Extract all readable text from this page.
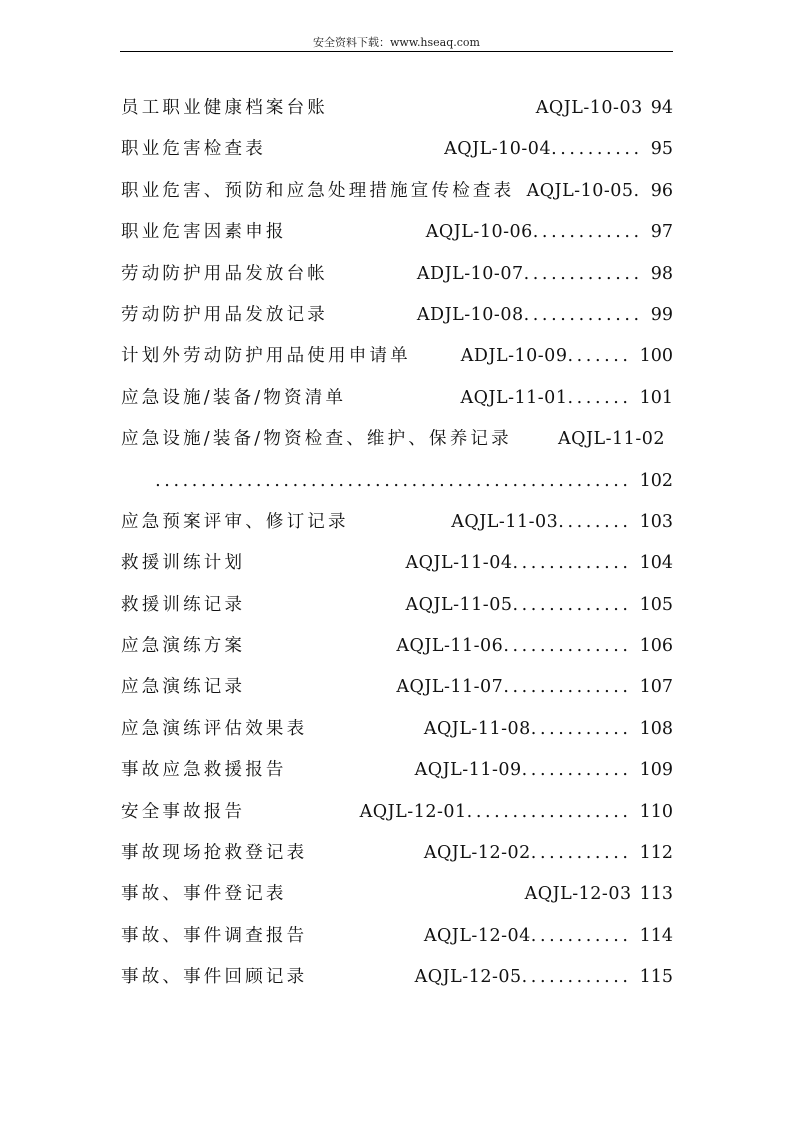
安全资料下载：www.hseaq.com
员工职业健康档案台账	AQJL-10-03 94
职业危害检查表	AQJL-10-04.......... 95
职业危害、预防和应急处理措施宣传检查表 AQJL-10-05. 96
职业危害因素申报	AQJL-10-06............ 97
劳动防护用品发放台帐	ADJL-10-07............. 98
劳动防护用品发放记录	ADJL-10-08............. 99
计划外劳动防护用品使用申请单	ADJL-10-09....... 100
应急设施/装备/物资清单	AQJL-11-01....... 101
应急设施/装备/物资检查、维护、保养记录	AQJL-11-02
.................................................... 102
应急预案评审、修订记录	AQJL-11-03........ 103
救援训练计划	AQJL-11-04............. 104
救援训练记录	AQJL-11-05............. 105
应急演练方案	AQJL-11-06.............. 106
应急演练记录	AQJL-11-07.............. 107
应急演练评估效果表	AQJL-11-08........... 108
事故应急救援报告	AQJL-11-09............ 109
安全事故报告	AQJL-12-01.................. 110
事故现场抢救登记表	AQJL-12-02........... 112
事故、事件登记表	AQJL-12-03 113
事故、事件调查报告	AQJL-12-04........... 114
事故、事件回顾记录	AQJL-12-05............ 115
